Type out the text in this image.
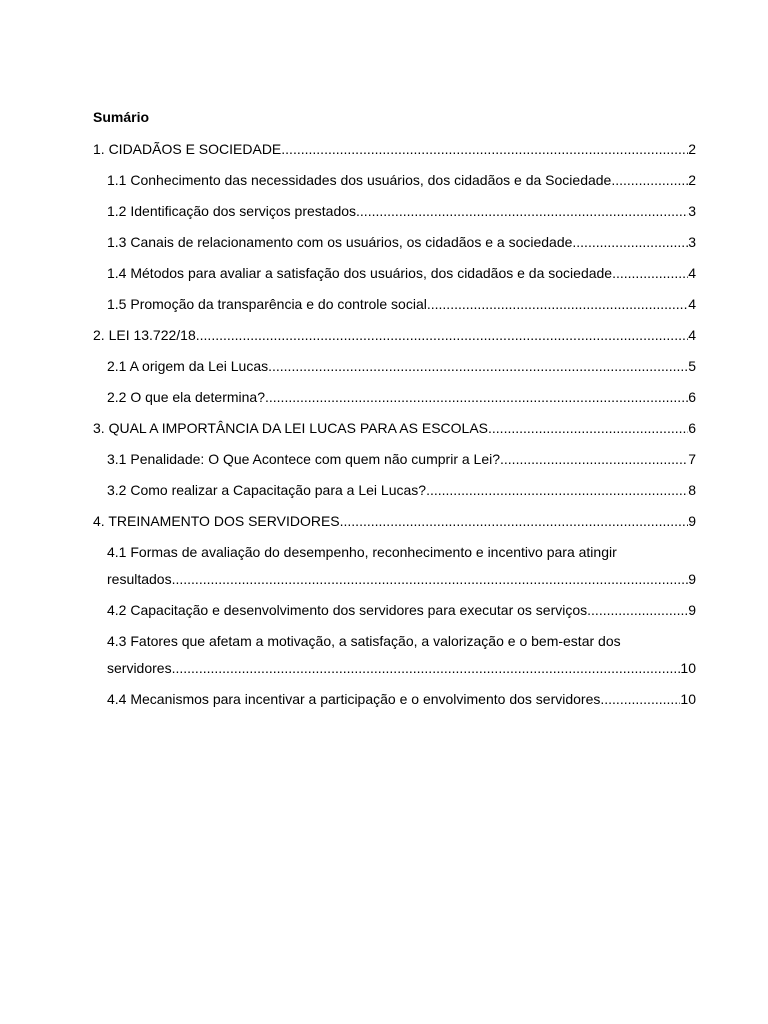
Sumário
1. CIDADÃOS E SOCIEDADE .....	2
1.1 Conhecimento das necessidades dos usuários, dos cidadãos e da Sociedade .....	2
1.2 Identificação dos serviços prestados .....	3
1.3 Canais de relacionamento com os usuários, os cidadãos e a sociedade. .....	3
1.4 Métodos para avaliar a satisfação dos usuários, dos cidadãos e da sociedade .....	4
1.5 Promoção da transparência e do controle social .....	4
2. LEI 13.722/18 .....	4
2.1 A origem da Lei Lucas .....	5
2.2 O que ela determina? .....	6
3. QUAL A IMPORTÂNCIA DA LEI LUCAS PARA AS ESCOLAS .....	6
3.1 Penalidade: O Que Acontece com quem não cumprir a Lei? .....	7
3.2 Como realizar a Capacitação para a Lei Lucas? .....	8
4. TREINAMENTO DOS SERVIDORES .....	9
4.1 Formas de avaliação do desempenho, reconhecimento e incentivo para atingir
resultados .....	9
4.2 Capacitação e desenvolvimento dos servidores para executar os serviços .....	9
4.3 Fatores que afetam a motivação, a satisfação, a valorização e o bem-estar dos
servidores .....	10
4.4 Mecanismos para incentivar a participação e o envolvimento dos servidores .....	10
